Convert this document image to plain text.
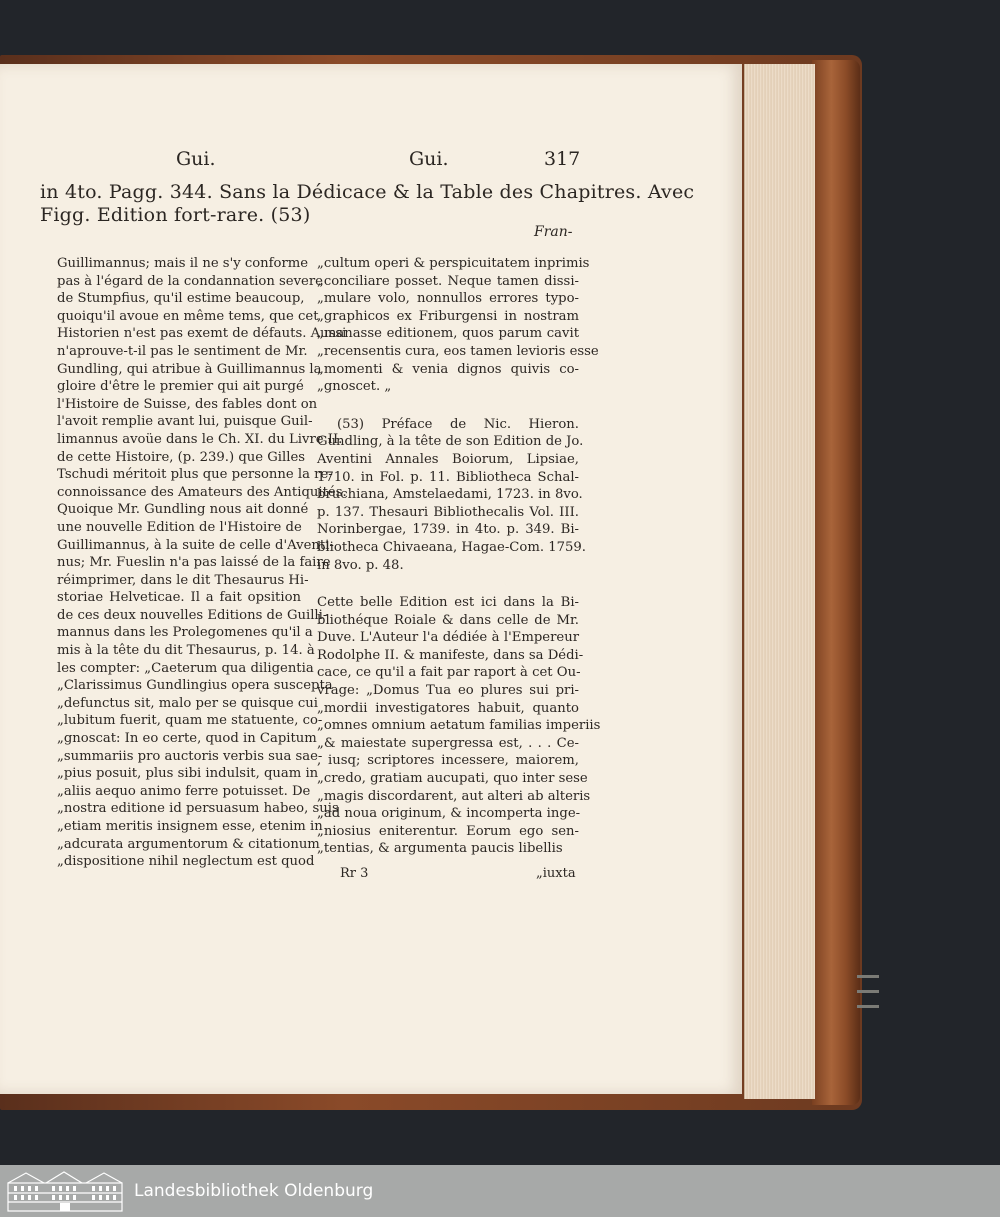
Gui.	Gui.	317
in 4to. Pagg. 344. Sans la Dédicace & la Table des Chapitres. Avec
Figg. Edition fort-rare. (53)
Fran-
Guillimannus; mais il ne s'y conforme
pas à l'égard de la condannation severe
de Stumpfius, qu'il estime beaucoup,
quoiqu'il avoue en même tems, que cet
Historien n'est pas exemt de défauts. Aussi
n'aprouve-t-il pas le sentiment de Mr.
Gundling, qui atribue à Guillimannus la
gloire d'être le premier qui ait purgé
l'Histoire de Suisse, des fables dont on
l'avoit remplie avant lui, puisque Guil-
limannus avoüe dans le Ch. XI. du Livre II.
de cette Histoire, (p. 239.) que Gilles
Tschudi méritoit plus que personne la re-
connoissance des Amateurs des Antiquités.
Quoique Mr. Gundling nous ait donné
une nouvelle Edition de l'Histoire de
Guillimannus, à la suite de celle d'Aventi-
nus; Mr. Fueslin n'a pas laissé de la faire
réimprimer, dans le dit Thesaurus Hi-
storiae Helveticae. Il a fait opsition
de ces deux nouvelles Editions de Guilli-
mannus dans les Prolegomenes qu'il a
mis à la tête du dit Thesaurus, p. 14. à
les compter: „Caeterum qua diligentia
„Clarissimus Gundlingius opera suscepta
„defunctus sit, malo per se quisque cui
„lubitum fuerit, quam me statuente, co-
„gnoscat: In eo certe, quod in Capitum
„summariis pro auctoris verbis sua sae-
„pius posuit, plus sibi indulsit, quam in
„aliis aequo animo ferre potuisset. De
„nostra editione id persuasum habeo, suis
„etiam meritis insignem esse, etenim in
„adcurata argumentorum & citationum
„dispositione nihil neglectum est quod
„cultum operi & perspicuitatem inprimis
„conciliare posset. Neque tamen dissi-
„mulare volo, nonnullos errores typo-
„graphicos ex Friburgensi in nostram
„manasse editionem, quos parum cavit
„recensentis cura, eos tamen levioris esse
„momenti & venia dignos quivis co-
„gnoscet. „
(53) Préface de Nic. Hieron.
Gundling, à la tête de son Edition de Jo.
Aventini Annales Boiorum, Lipsiae,
1710. in Fol. p. 11. Bibliotheca Schal-
bruchiana, Amstelaedami, 1723. in 8vo.
p. 137. Thesauri Bibliothecalis Vol. III.
Norinbergae, 1739. in 4to. p. 349. Bi-
bliotheca Chivaeana, Hagae-Com. 1759.
in 8vo. p. 48.
Cette belle Edition est ici dans la Bi-
bliothéque Roiale & dans celle de Mr.
Duve. L'Auteur l'a dédiée à l'Empereur
Rodolphe II. & manifeste, dans sa Dédi-
cace, ce qu'il a fait par raport à cet Ou-
vrage: „Domus Tua eo plures sui pri-
„mordii investigatores habuit, quanto
„omnes omnium aetatum familias imperiis
„& maiestate supergressa est, . . . Ce-
, iusq; scriptores incessere, maiorem,
„credo, gratiam aucupati, quo inter sese
„magis discordarent, aut alteri ab alteris
„ad noua originum, & incomperta inge-
„niosius eniterentur. Eorum ego sen-
„tentias, & argumenta paucis libellis
Rr 3	„iuxta
Landesbibliothek Oldenburg
